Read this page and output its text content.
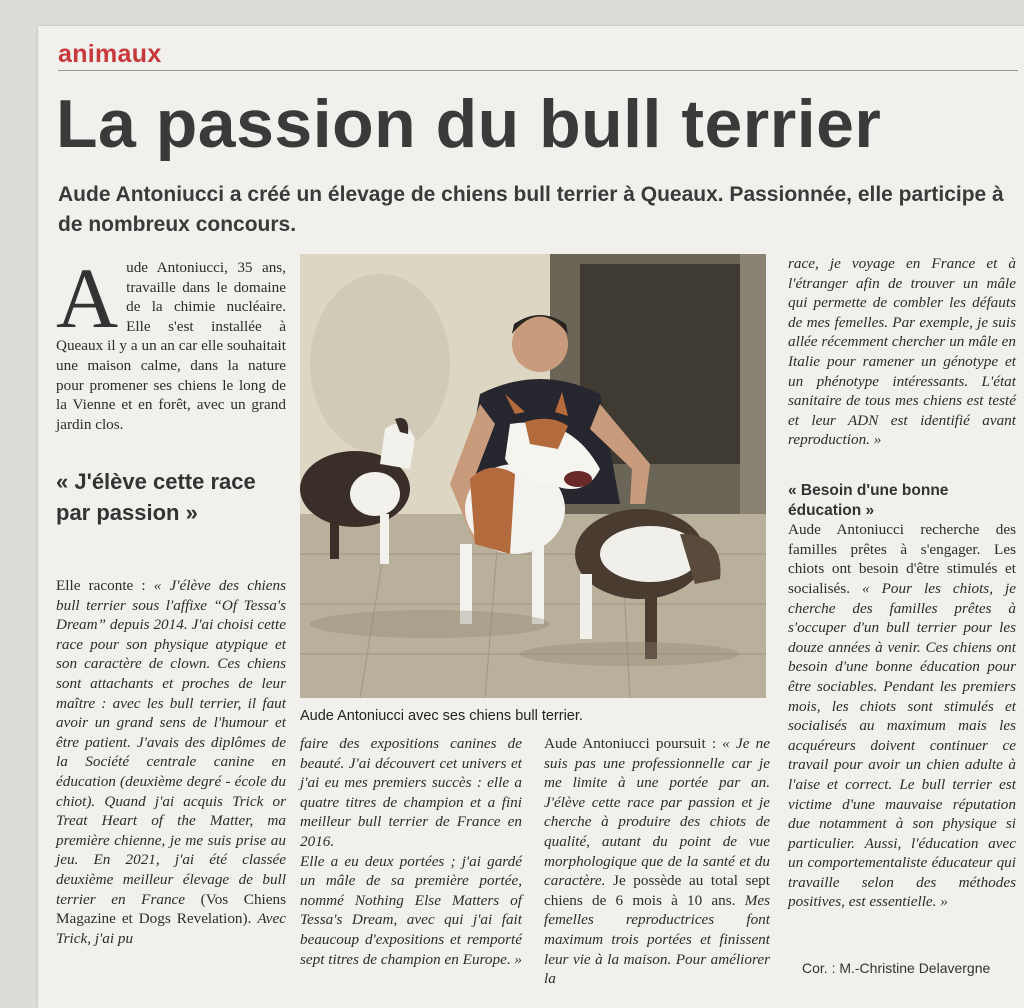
animaux
La passion du bull terrier
Aude Antoniucci a créé un élevage de chiens bull terrier à Queaux. Passionnée, elle participe à de nombreux concours.
A ude Antoniucci, 35 ans, travaille dans le domaine de la chimie nucléaire. Elle s'est installée à Queaux il y a un an car elle souhaitait une maison calme, dans la nature pour promener ses chiens le long de la Vienne et en forêt, avec un grand jardin clos.
« J'élève cette race par passion »
Elle raconte : « J'élève des chiens bull terrier sous l'affixe “Of Tessa's Dream” depuis 2014. J'ai choisi cette race pour son physique atypique et son caractère de clown. Ces chiens sont attachants et proches de leur maître : avec les bull terrier, il faut avoir un grand sens de l'humour et être patient. J'avais des diplômes de la Société centrale canine en éducation (deuxième degré - école du chiot). Quand j'ai acquis Trick or Treat Heart of the Matter, ma première chienne, je me suis prise au jeu. En 2021, j'ai été classée deuxième meilleur élevage de bull terrier en France (Vos Chiens Magazine et Dogs Revelation). Avec Trick, j'ai pu
Aude Antoniucci avec ses chiens bull terrier.
faire des expositions canines de beauté. J'ai découvert cet univers et j'ai eu mes premiers succès : elle a quatre titres de champion et a fini meilleur bull terrier de France en 2016.
Elle a eu deux portées ; j'ai gardé un mâle de sa première portée, nommé Nothing Else Matters of Tessa's Dream, avec qui j'ai fait beaucoup d'expositions et remporté sept titres de champion en Europe. »
Aude Antoniucci poursuit : « Je ne suis pas une professionnelle car je me limite à une portée par an. J'élève cette race par passion et je cherche à produire des chiots de qualité, autant du point de vue morphologique que de la santé et du caractère. Je possède au total sept chiens de 6 mois à 10 ans. Mes femelles reproductrices font maximum trois portées et finissent leur vie à la maison. Pour améliorer la
race, je voyage en France et à l'étranger afin de trouver un mâle qui permette de combler les défauts de mes femelles. Par exemple, je suis allée récemment chercher un mâle en Italie pour ramener un génotype et un phénotype intéressants. L'état sanitaire de tous mes chiens est testé et leur ADN est identifié avant reproduction. »
« Besoin d'une bonne éducation »
Aude Antoniucci recherche des familles prêtes à s'engager. Les chiots ont besoin d'être stimulés et socialisés. « Pour les chiots, je cherche des familles prêtes à s'occuper d'un bull terrier pour les douze années à venir. Ces chiens ont besoin d'une bonne éducation pour être sociables. Pendant les premiers mois, les chiots sont stimulés et socialisés au maximum mais les acquéreurs doivent continuer ce travail pour avoir un chien adulte à l'aise et correct. Le bull terrier est victime d'une mauvaise réputation due notamment à son physique si particulier. Aussi, l'éducation avec un comportementaliste éducateur qui travaille selon des méthodes positives, est essentielle. »
Cor. : M.-Christine Delavergne
